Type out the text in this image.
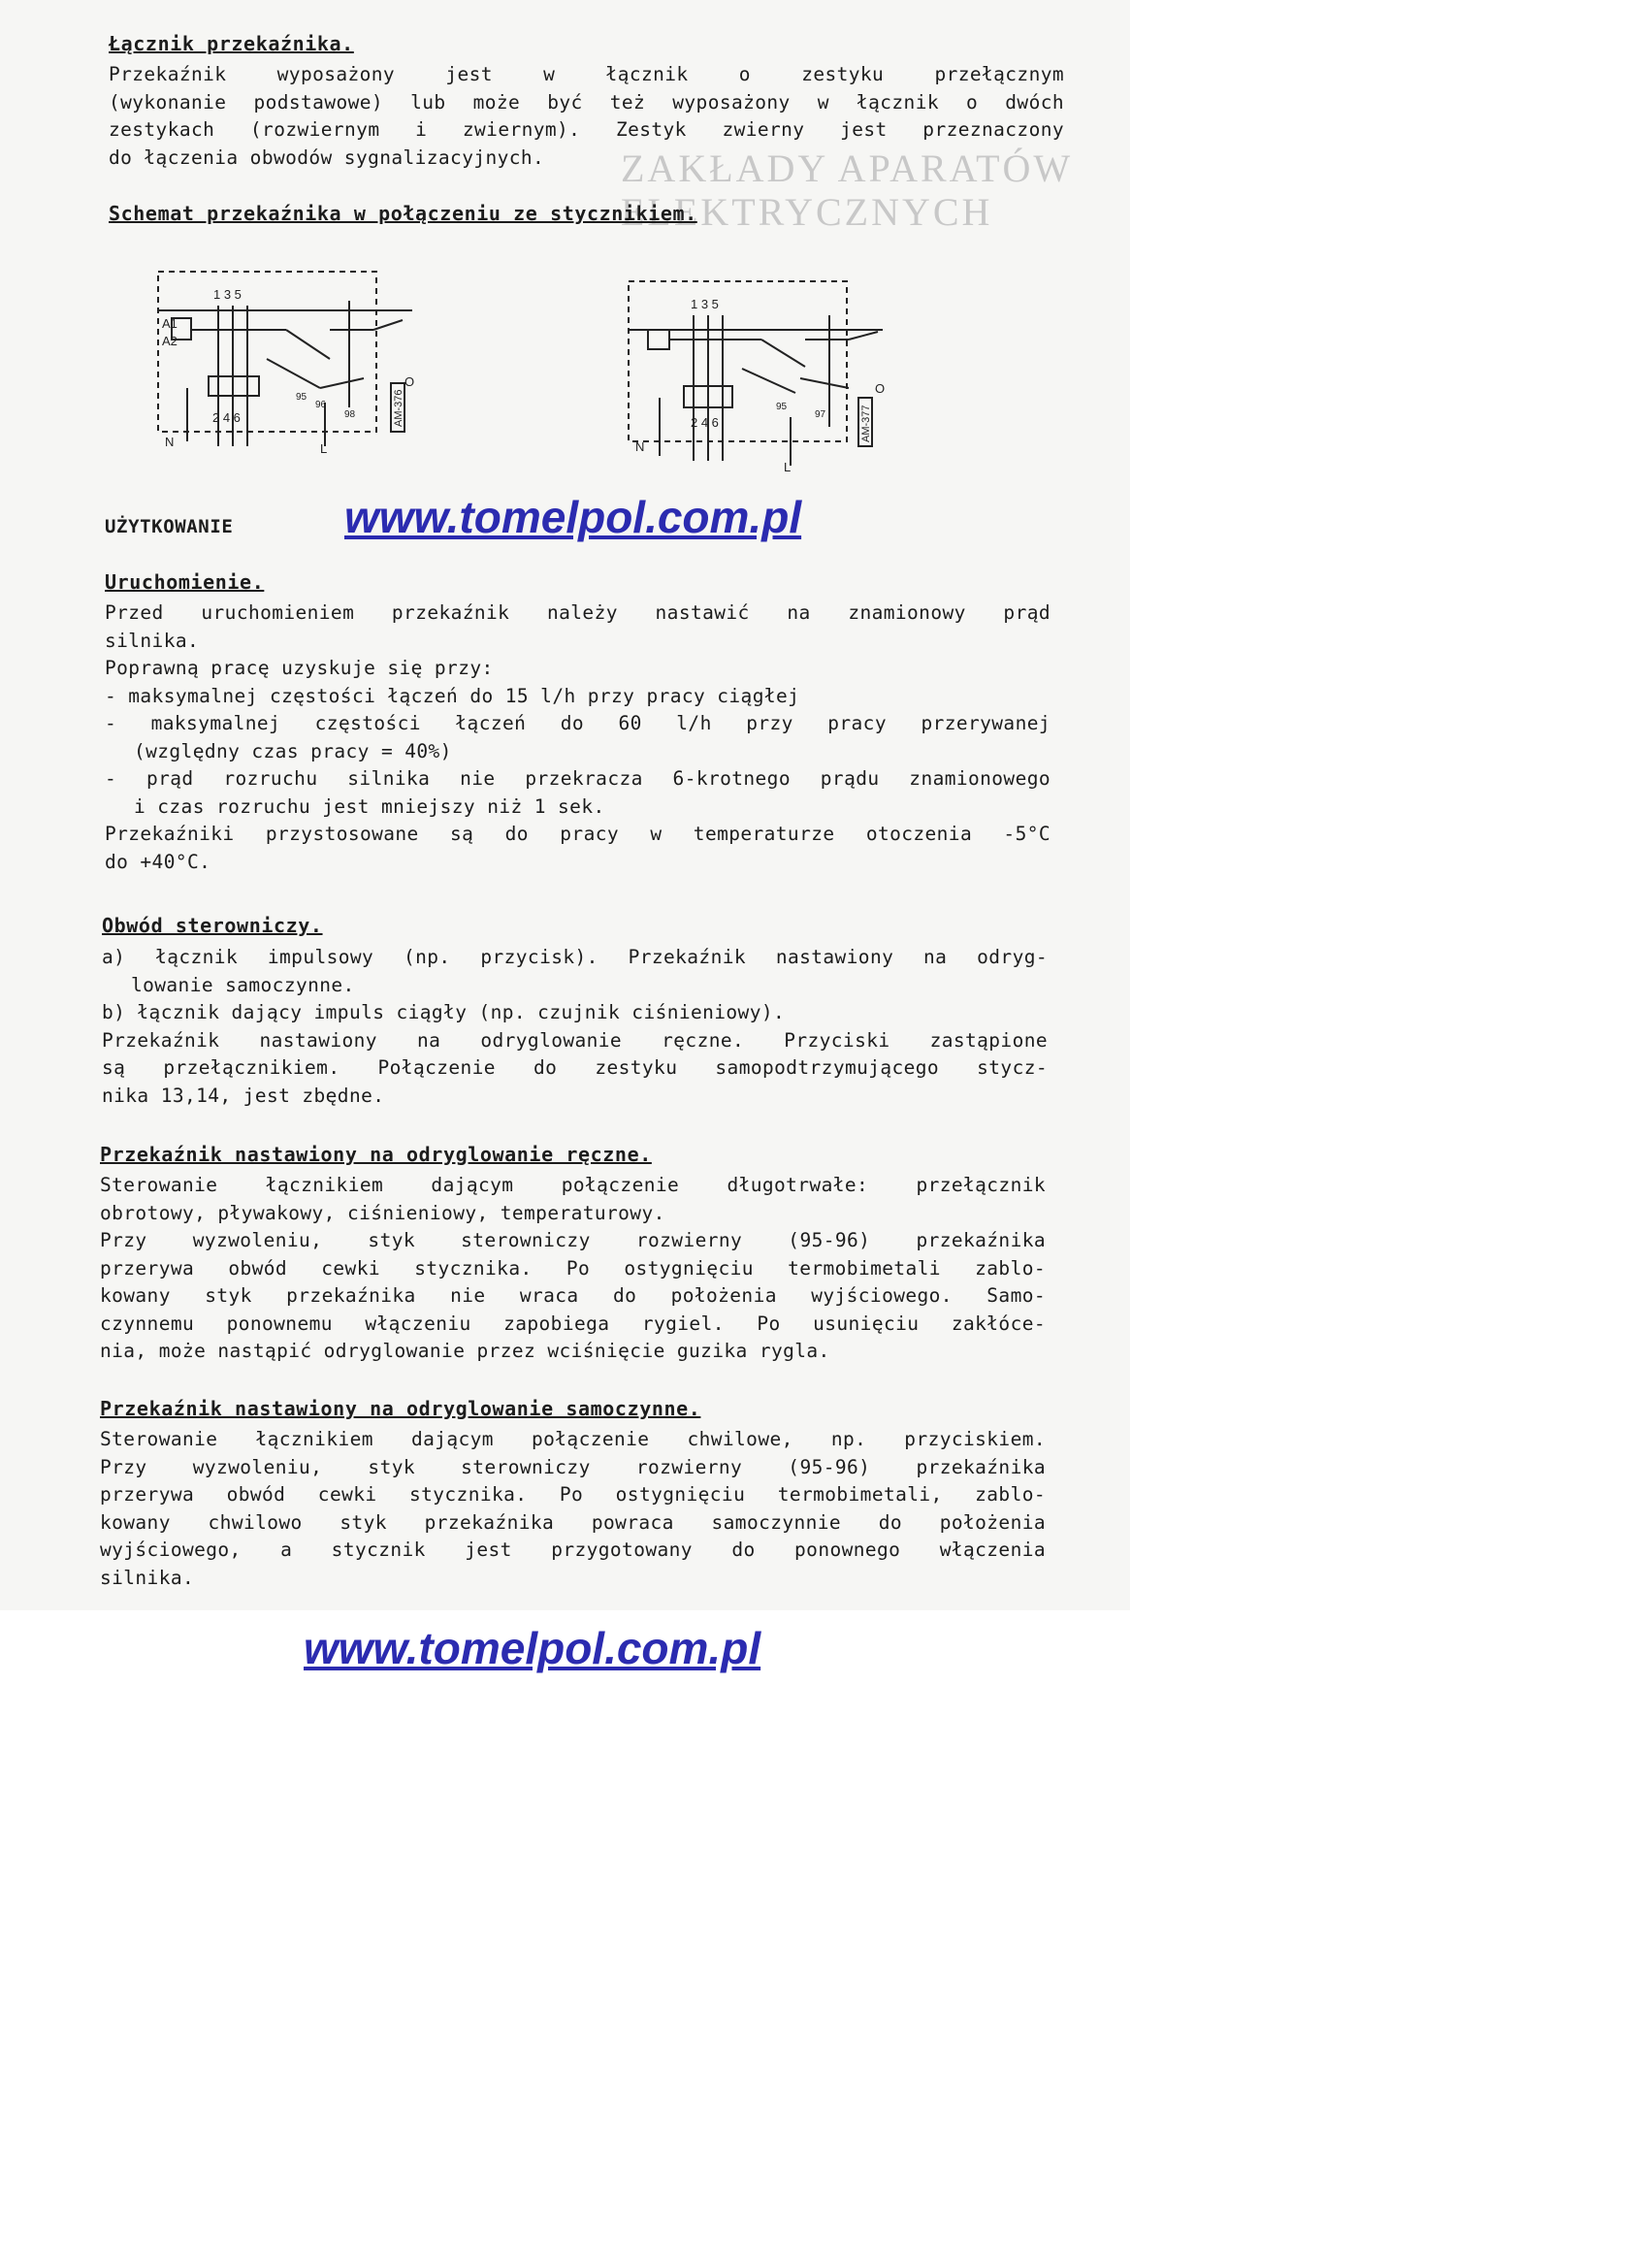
ZAKŁADY APARATÓW
ELEKTRYCZNYCH
Łącznik przekaźnika.
Przekaźnik wyposażony jest w łącznik o zestyku przełącznym
(wykonanie podstawowe) lub może być też wyposażony w łącznik o dwóch
zestykach (rozwiernym i zwiernym). Zestyk zwierny jest przeznaczony
do łączenia obwodów sygnalizacyjnych.
Schemat przekaźnika w połączeniu ze stycznikiem.
1 3 5
2 4 6
A1
A2
N	L
O
95
96
98	AM-376
1 3 5
2 4 6
N
L
O
95
97	AM-377
UŻYTKOWANIE www.tomelpol.com.pl
Uruchomienie.
Przed uruchomieniem przekaźnik należy nastawić na znamionowy prąd
silnika.
Poprawną pracę uzyskuje się przy:
- maksymalnej częstości łączeń do 15 l/h przy pracy ciągłej
- maksymalnej częstości łączeń do 60 l/h przy pracy przerywanej
(względny czas pracy = 40%)
- prąd rozruchu silnika nie przekracza 6-krotnego prądu znamionowego
i czas rozruchu jest mniejszy niż 1 sek.
Przekaźniki przystosowane są do pracy w temperaturze otoczenia -5°C
do +40°C.
Obwód sterowniczy.
a) łącznik impulsowy (np. przycisk). Przekaźnik nastawiony na odryg-
lowanie samoczynne.
b) łącznik dający impuls ciągły (np. czujnik ciśnieniowy).
Przekaźnik nastawiony na odryglowanie ręczne. Przyciski zastąpione
są przełącznikiem. Połączenie do zestyku samopodtrzymującego stycz-
nika 13,14, jest zbędne.
Przekaźnik nastawiony na odryglowanie ręczne.
Sterowanie łącznikiem dającym połączenie długotrwałe: przełącznik
obrotowy, pływakowy, ciśnieniowy, temperaturowy.
Przy wyzwoleniu, styk sterowniczy rozwierny (95-96) przekaźnika
przerywa obwód cewki stycznika. Po ostygnięciu termobimetali zablo-
kowany styk przekaźnika nie wraca do położenia wyjściowego. Samo-
czynnemu ponownemu włączeniu zapobiega rygiel. Po usunięciu zakłóce-
nia, może nastąpić odryglowanie przez wciśnięcie guzika rygla.
Przekaźnik nastawiony na odryglowanie samoczynne.
Sterowanie łącznikiem dającym połączenie chwilowe, np. przyciskiem.
Przy wyzwoleniu, styk sterowniczy rozwierny (95-96) przekaźnika
przerywa obwód cewki stycznika. Po ostygnięciu termobimetali, zablo-
kowany chwilowo styk przekaźnika powraca samoczynnie do położenia
wyjściowego, a stycznik jest przygotowany do ponownego włączenia
silnika.
www.tomelpol.com.pl
